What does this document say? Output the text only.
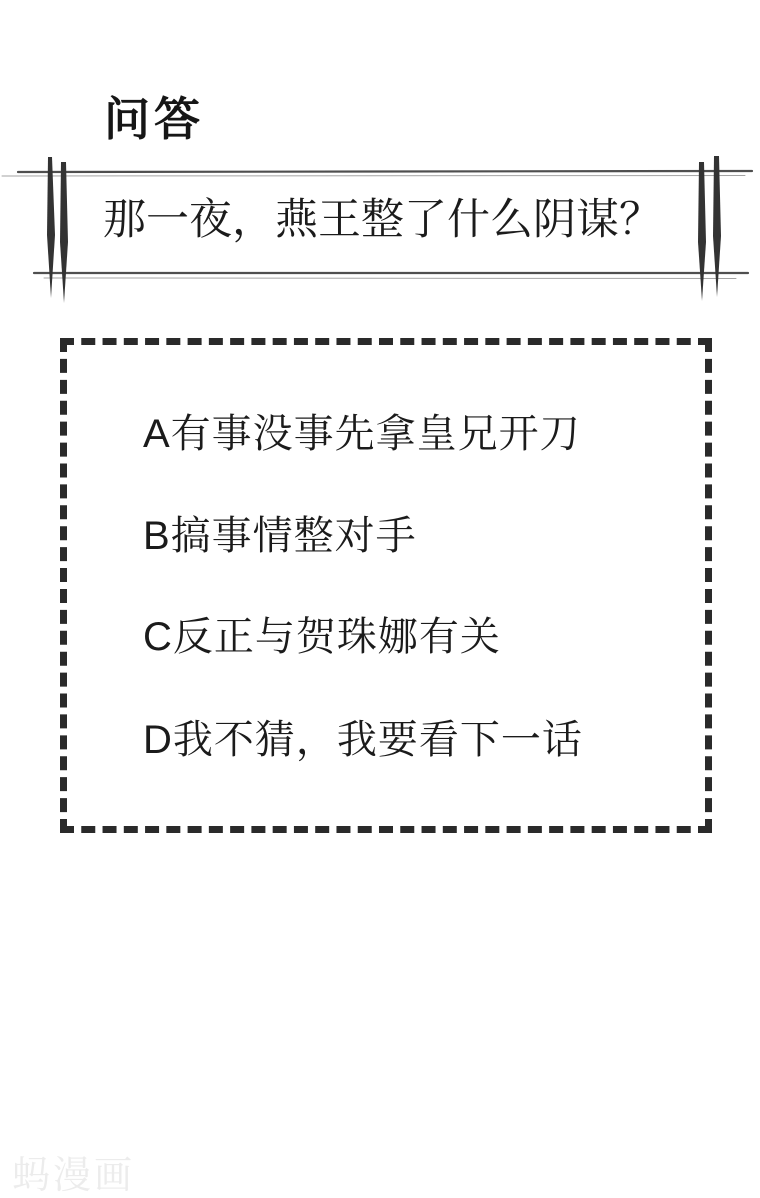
问答
那一夜，燕王整了什么阴谋？
A有事没事先拿皇兄开刀
B搞事情整对手
C反正与贺珠娜有关
D我不猜，我要看下一话
蚂漫画
